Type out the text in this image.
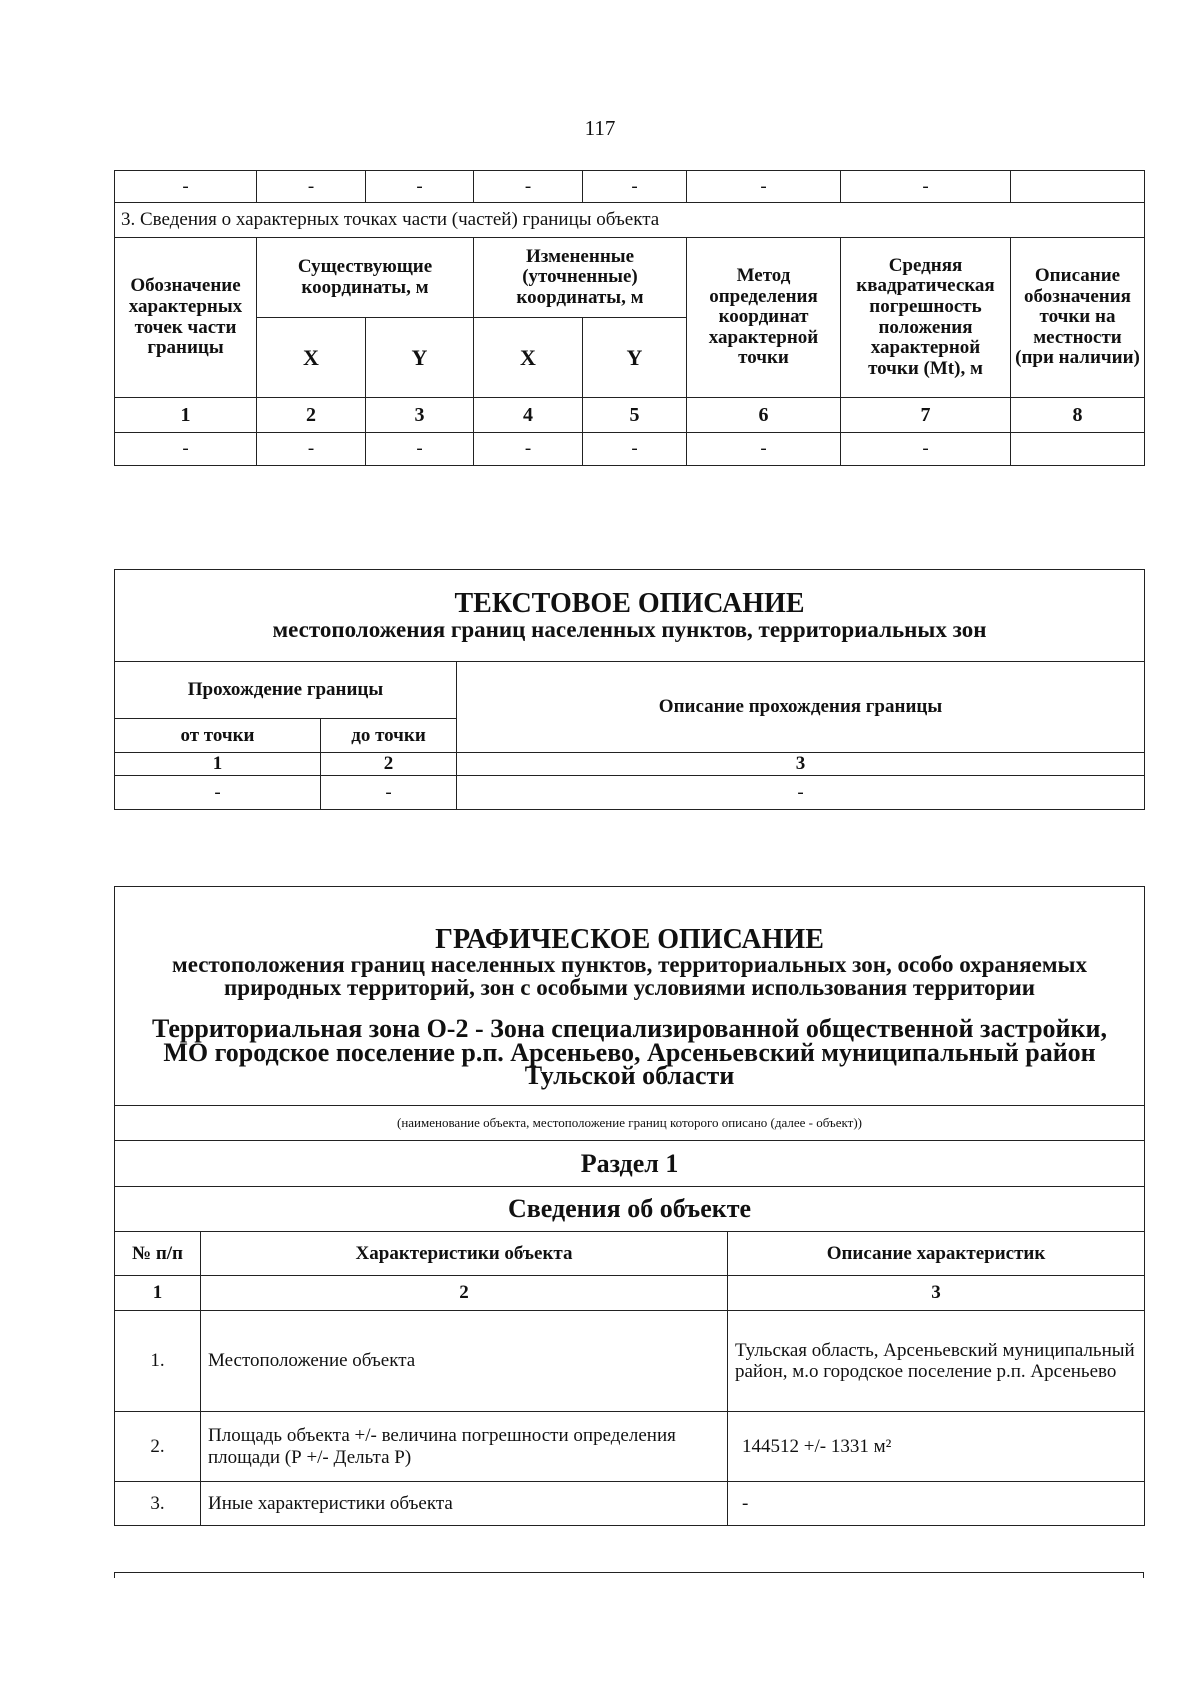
117
-	-	-	-	-	-	-	
3. Сведения о характерных точках части (частей) границы объекта							
Обозначение характерных точек части границы	Существующие координаты, м		Измененные (уточненные) координаты, м		Метод определения координат характерной точки	Средняя квадратическая погрешность положения характерной точки (Mt), м	Описание обозначения точки на местности (при наличии)
	X	Y	X	Y			
1	2	3	4	5	6	7	8
-	-	-	-	-	-	-	
ТЕКСТОВОЕ ОПИСАНИЕ
местоположения границ населенных пунктов, территориальных зон		

Прохождение границы		Описание прохождения границы
от точки	до точки	
1	2	3
-	-	-
ГРАФИЧЕСКОЕ ОПИСАНИЕ
местоположения границ населенных пунктов, территориальных зон, особо охраняемых природных территорий, зон с особыми условиями использования территории
Территориальная зона О-2 - Зона специализированной общественной застройки, МО городское поселение р.п. Арсеньево, Арсеньевский муниципальный район Тульской области		

(наименование объекта, местоположение границ которого описано (далее - объект))		
Раздел 1		
Сведения об объекте		
№ п/п	Характеристики объекта	Описание характеристик
1	2	3
1.	Местоположение объекта	Тульская область, Арсеньевский муниципальный район, м.о городское поселение р.п. Арсеньево
2.	Площадь объекта +/- величина погрешности определения площади (Р +/- Дельта Р)	144512 +/- 1331 м²
3.	Иные характеристики объекта	-
